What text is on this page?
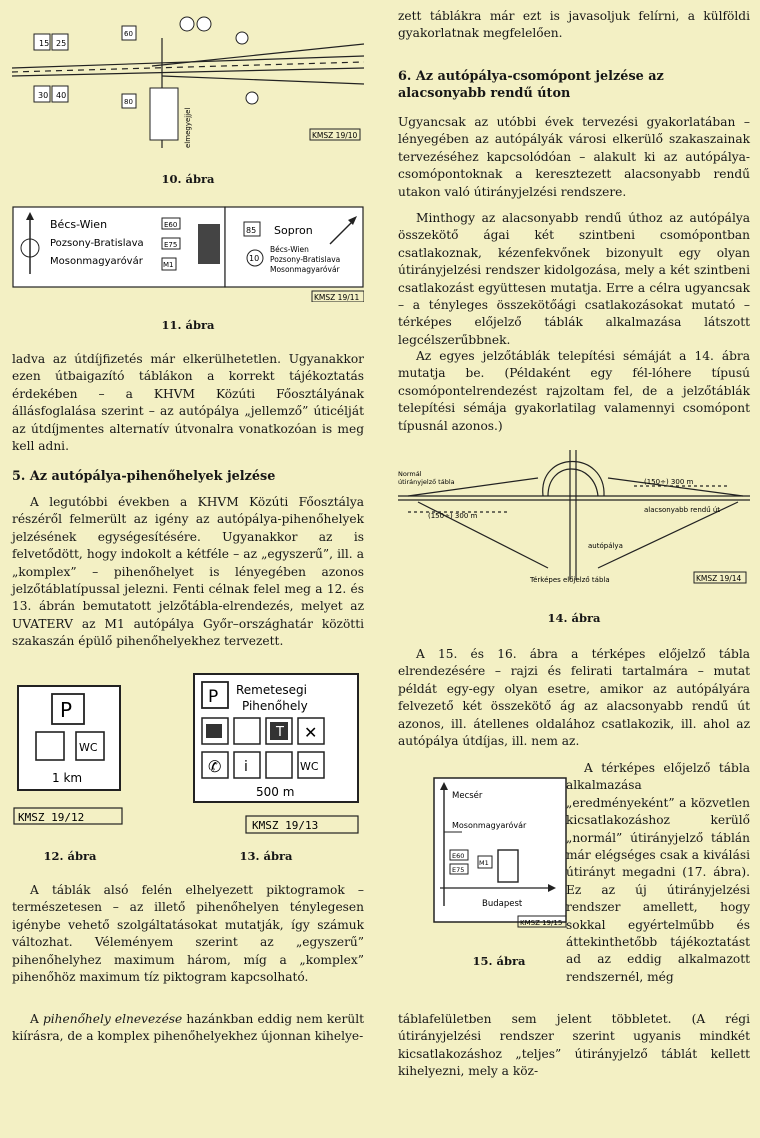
15 25
30 40
60
80
elmegyejjel	KMSZ 19/10
10. ábra
Bécs-Wien
Pozsony-Bratislava
Mosonmagyaróvár
E60
E75
M1
85 Sopron
10
Bécs-Wien
Pozsony-Bratislava
Mosonmagyaróvár
KMSZ 19/11
11. ábra

ladva az útdíjfizetés már elkerülhetetlen. Ugyanakkor ezen útbaigazító táblákon a korrekt tájékoztatás érdekében – a KHVM Közúti Főosztályának állásfoglalása szerint – az autópálya „jellemző” úticélját az útdíjmentes alternatív útvonalra vonatkozóan is meg kell adni.

5. Az autópálya-pihenőhelyek jelzése

A legutóbbi években a KHVM Közúti Főosztálya részéről felmerült az igény az autópálya-pihenőhelyek jelzésének egységesítésére. Ugyanakkor az is felvetődött, hogy indokolt a kétféle – az „egyszerű”, ill. a „komplex” – pihenőhelyet is lényegében azonos jelzőtáblatípussal jelezni. Fenti célnak felel meg a 12. és 13. ábrán bemutatott jelzőtábla-elrendezés, melyet az UVATERV az M1 autópálya Győr–országhatár közötti szakaszán épülő pihenőhelyekhez tervezett.

P
WC
1 km
KMSZ 19/12
12. ábra
P Remetesegi
Pihenőhely
T ✕
✆ i	WC
500 m
KMSZ 19/13
13. ábra

A táblák alsó felén elhelyezett piktogramok – természetesen – az illető pihenőhelyen ténylegesen igénybe vehető szolgáltatásokat mutatják, így számuk változhat. Véleményem szerint az „egyszerű” pihenőhelyhez maximum három, míg a „komplex” pihenőhöz maximum tíz piktogram kapcsolható.

A pihenőhely elnevezése hazánkban eddig nem került kiírásra, de a komplex pihenőhelyekhez újonnan kihelye-

zett táblákra már ezt is javasoljuk felírni, a külföldi gyakorlatnak megfelelően.

6. Az autópálya-csomópont jelzése az alacsonyabb rendű úton

Ugyancsak az utóbbi évek tervezési gyakorlatában – lényegében az autópályák városi elkerülő szakaszainak tervezéséhez kapcsolódóan – alakult ki az autópálya-csomópontoknak a keresztezett alacsonyabb rendű utakon való útirányjelzési rendszere.

Minthogy az alacsonyabb rendű úthoz az autópálya összekötő ágai két szintbeni csomópontban csatlakoznak, kézenfekvőnek bizonyult egy olyan útirányjelzési rendszer kidolgozása, mely a két szintbeni csatlakozást együttesen mutatja. Erre a célra ugyancsak – a tényleges összekötőági csatlakozásokat mutató – térképes előjelző táblák alkalmazása látszott legcélszerűbbnek.

Az egyes jelzőtáblák telepítési sémáját a 14. ábra mutatja be. (Példaként egy fél-lóhere típusú csomópontelrendezést rajzoltam fel, de a jelzőtáblák telepítési sémája gyakorlatilag valamennyi csomópont típusnál azonos.)

Normál
útirányjelző tábla	(150÷) 300 m
(150÷) 300 m
alacsonyabb rendű út
autópálya
Térképes előjelző tábla	KMSZ 19/14
14. ábra

A 15. és 16. ábra a térképes előjelző tábla elrendezésére – rajzi és felirati tartalmára – mutat példát egy-egy olyan esetre, amikor az autópályára felvezető két összekötő ág az alacsonyabb rendű út azonos, ill. átellenes oldalához csatlakozik, ill. ahol az autópálya útdíjas, ill. nem az.

Mecsér
Mosonmagyaróvár
E60
E75
M1
Budapest
KMSZ 19/15
15. ábra

A térképes előjelző tábla alkalmazása „eredményeként” a közvetlen kicsatlakozáshoz kerülő „normál” útirányjelző táblán már elégséges csak a kiválási útirányt megadni (17. ábra). Ez az új útirányjelzési rendszer amellett, hogy sokkal egyértelműbb és áttekinthetőbb tájékoztatást ad az eddig alkalmazott rendszernél, még

táblafelületben sem jelent többletet. (A régi útirányjelzési rendszer szerint ugyanis mindkét kicsatlakozáshoz „teljes” útirányjelző táblát kellett kihelyezni, mely a köz-
